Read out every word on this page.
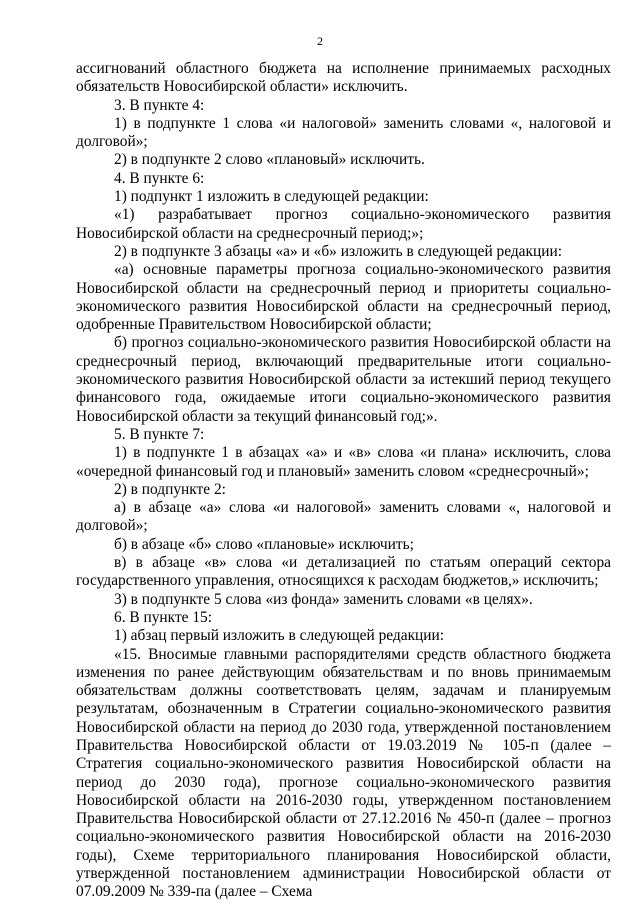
2

ассигнований областного бюджета на исполнение принимаемых расходных обязательств Новосибирской области» исключить.

3. В пункте 4:

1) в подпункте 1 слова «и налоговой» заменить словами «, налоговой и долговой»;

2) в подпункте 2 слово «плановый» исключить.

4. В пункте 6:

1) подпункт 1 изложить в следующей редакции:

«1) разрабатывает прогноз социально-экономического развития Новосибирской области на среднесрочный период;»;

2) в подпункте 3 абзацы «а» и «б» изложить в следующей редакции:

«а) основные параметры прогноза социально-экономического развития Новосибирской области на среднесрочный период и приоритеты социально-экономического развития Новосибирской области на среднесрочный период, одобренные Правительством Новосибирской области;

б) прогноз социально-экономического развития Новосибирской области на среднесрочный период, включающий предварительные итоги социально-экономического развития Новосибирской области за истекший период текущего финансового года, ожидаемые итоги социально-экономического развития Новосибирской области за текущий финансовый год;».

5. В пункте 7:

1) в подпункте 1 в абзацах «а» и «в» слова «и плана» исключить, слова «очередной финансовый год и плановый» заменить словом «среднесрочный»;

2) в подпункте 2:

а) в абзаце «а» слова «и налоговой» заменить словами «, налоговой и долговой»;

б) в абзаце «б» слово «плановые» исключить;

в) в абзаце «в» слова «и детализацией по статьям операций сектора государственного управления, относящихся к расходам бюджетов,» исключить;

3) в подпункте 5 слова «из фонда» заменить словами «в целях».

6. В пункте 15:

1) абзац первый изложить в следующей редакции:

«15. Вносимые главными распорядителями средств областного бюджета изменения по ранее действующим обязательствам и по вновь принимаемым обязательствам должны соответствовать целям, задачам и планируемым результатам, обозначенным в Стратегии социально-экономического развития Новосибирской области на период до 2030 года, утвержденной постановлением Правительства Новосибирской области от 19.03.2019 № 105-п (далее – Стратегия социально-экономического развития Новосибирской области на период до 2030 года), прогнозе социально-экономического развития Новосибирской области на 2016-2030 годы, утвержденном постановлением Правительства Новосибирской области от 27.12.2016 № 450-п (далее – прогноз социально-экономического развития Новосибирской области на 2016-2030 годы), Схеме территориального планирования Новосибирской области, утвержденной постановлением администрации Новосибирской области от 07.09.2009 № 339-па (далее – Схема
